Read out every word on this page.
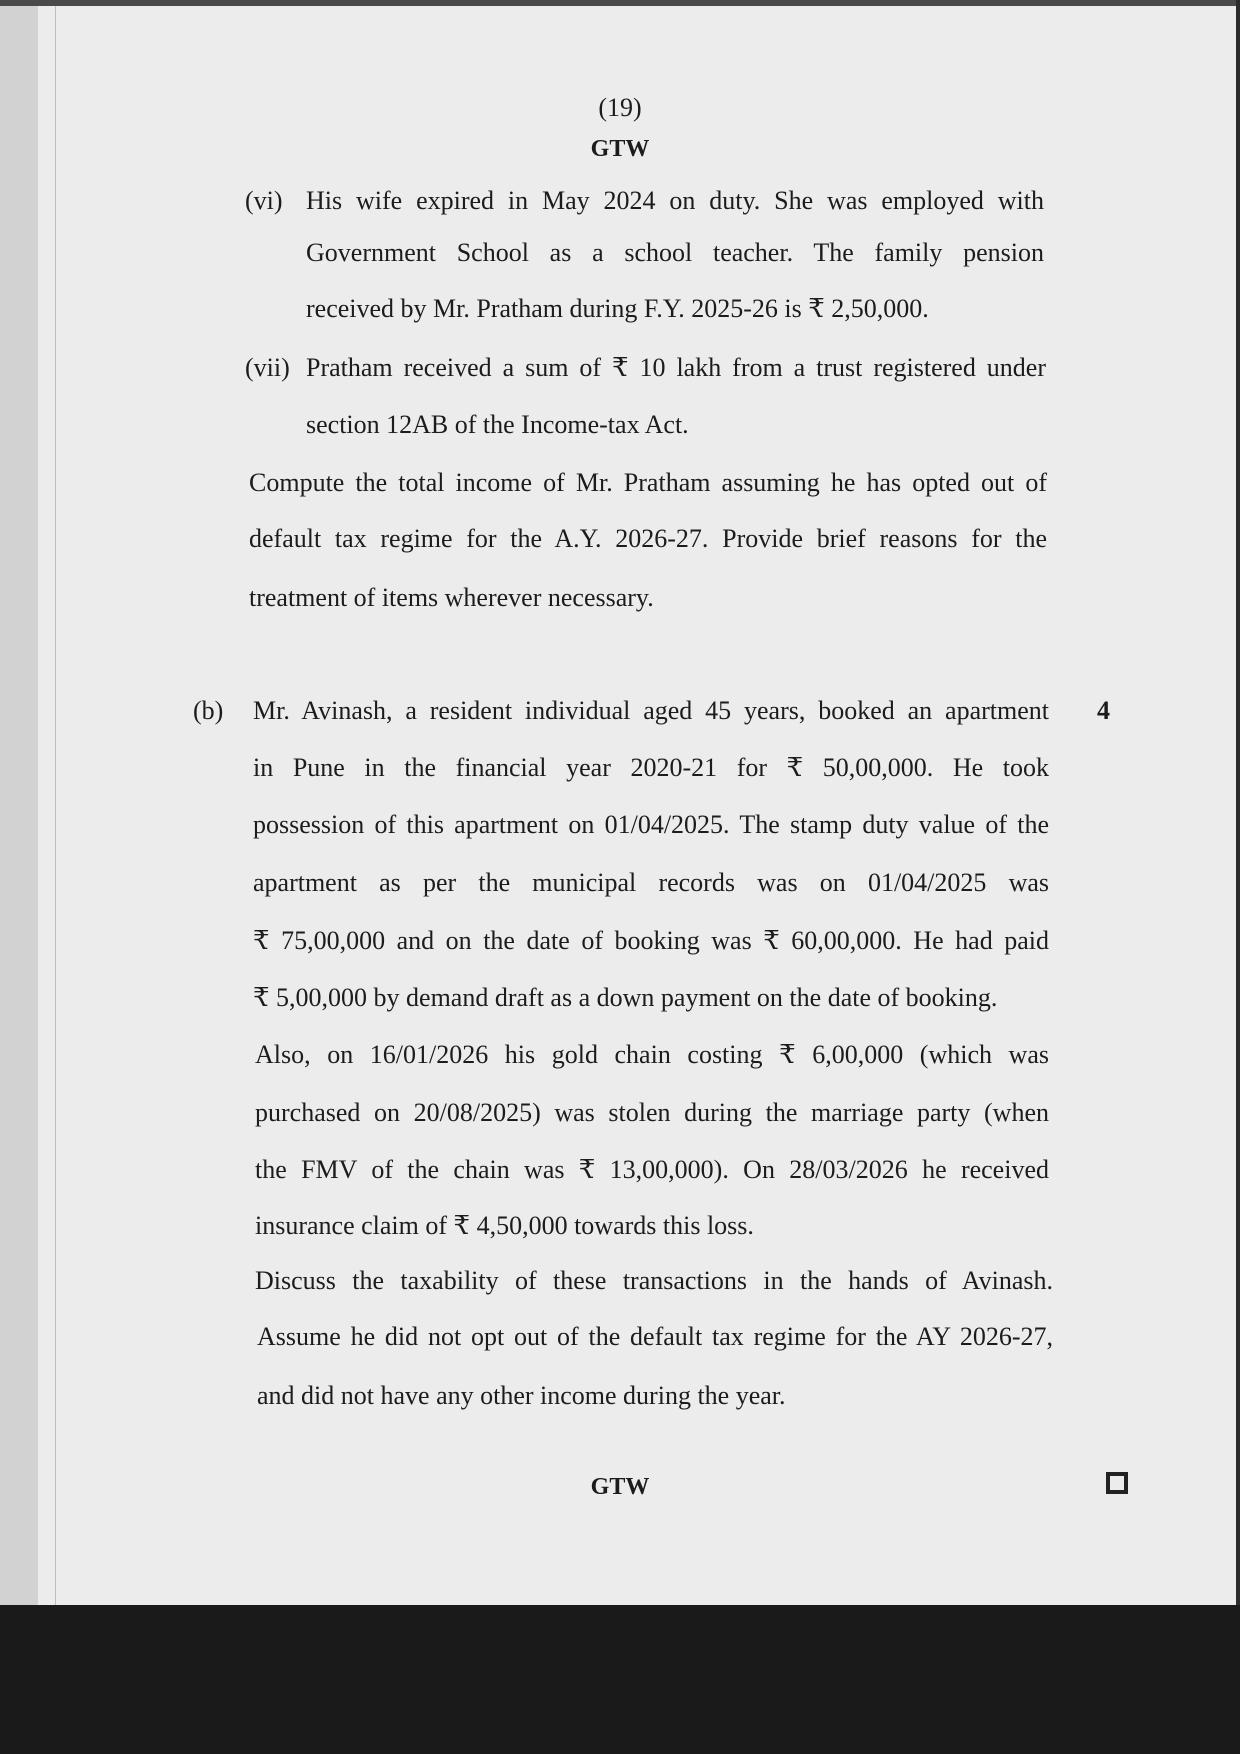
(19)
GTW
(vi) His wife expired in May 2024 on duty. She was employed with
Government School as a school teacher. The family pension
received by Mr. Pratham during F.Y. 2025-26 is ₹ 2,50,000.
(vii) Pratham received a sum of ₹ 10 lakh from a trust registered under
section 12AB of the Income-tax Act.
Compute the total income of Mr. Pratham assuming he has opted out of
default tax regime for the A.Y. 2026-27. Provide brief reasons for the
treatment of items wherever necessary.
(b)	4
Mr. Avinash, a resident individual aged 45 years, booked an apartment
in Pune in the financial year 2020-21 for ₹ 50,00,000. He took
possession of this apartment on 01/04/2025. The stamp duty value of the
apartment as per the municipal records was on 01/04/2025 was
₹ 75,00,000 and on the date of booking was ₹ 60,00,000. He had paid
₹ 5,00,000 by demand draft as a down payment on the date of booking.
Also, on 16/01/2026 his gold chain costing ₹ 6,00,000 (which was
purchased on 20/08/2025) was stolen during the marriage party (when
the FMV of the chain was ₹ 13,00,000). On 28/03/2026 he received
insurance claim of ₹ 4,50,000 towards this loss.
Discuss the taxability of these transactions in the hands of Avinash.
Assume he did not opt out of the default tax regime for the AY 2026-27,
and did not have any other income during the year.
GTW
